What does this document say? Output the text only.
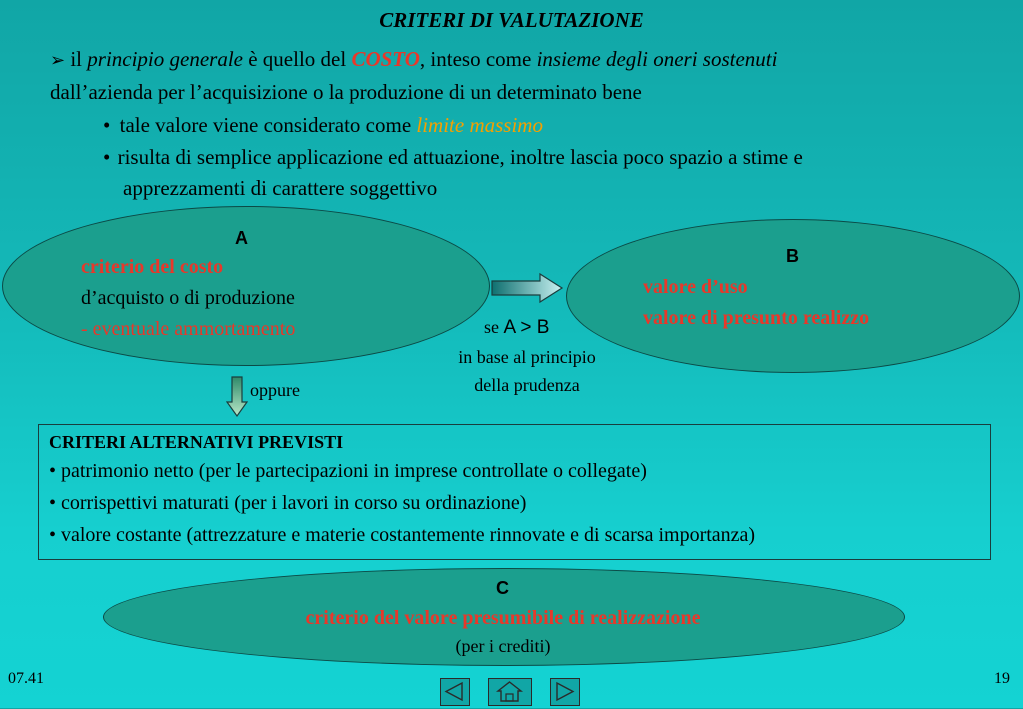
CRITERI DI VALUTAZIONE
➢ il principio generale è quello del COSTO, inteso come insieme degli oneri sostenuti
dall’azienda per l’acquisizione o la produzione di un determinato bene
• tale valore viene considerato come limite massimo
• risulta di semplice applicazione ed attuazione, inoltre lascia poco spazio a stime e
apprezzamenti di carattere soggettivo
A
criterio del costo
d’acquisto o di produzione
- eventuale ammortamento	se A > B
in base al principio
della prudenza
B
valore d’uso
valore di presunto realizzo
oppure
CRITERI ALTERNATIVI PREVISTI
• patrimonio netto (per le partecipazioni in imprese controllate o collegate)
• corrispettivi maturati (per i lavori in corso su ordinazione)
• valore costante (attrezzature e materie costantemente rinnovate e di scarsa importanza)
07.41	19
C
criterio del valore presumibile di realizzazione
(per i crediti)
